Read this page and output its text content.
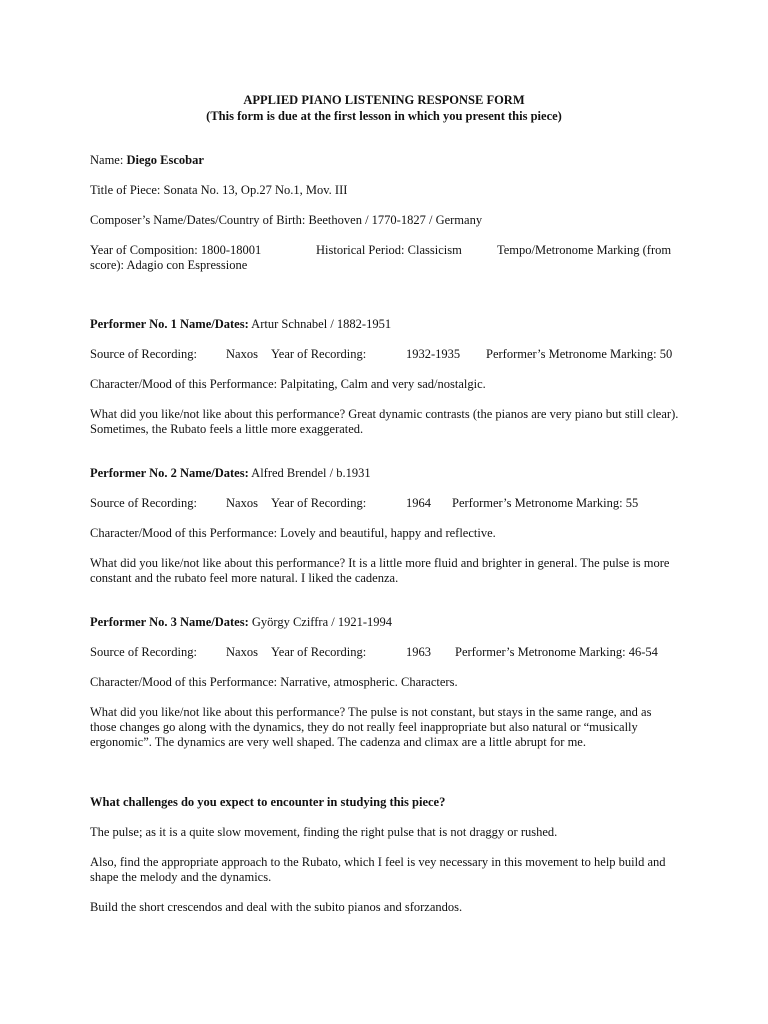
APPLIED PIANO LISTENING RESPONSE FORM
(This form is due at the first lesson in which you present this piece)
Name: Diego Escobar
Title of Piece: Sonata No. 13, Op.27 No.1, Mov. III
Composer’s Name/Dates/Country of Birth: Beethoven / 1770-1827 / Germany
Year of Composition: 1800-18001	Historical Period: Classicism	Tempo/Metronome Marking (from
score): Adagio con Espressione
Performer No. 1 Name/Dates: Artur Schnabel / 1882-1951
Source of Recording: Naxos Year of Recording:	1932-1935 Performer’s Metronome Marking: 50
Character/Mood of this Performance: Palpitating, Calm and very sad/nostalgic.
What did you like/not like about this performance? Great dynamic contrasts (the pianos are very piano but still clear). Sometimes, the Rubato feels a little more exaggerated.
Performer No. 2 Name/Dates: Alfred Brendel / b.1931
Source of Recording: Naxos Year of Recording:	1964 Performer’s Metronome Marking: 55
Character/Mood of this Performance: Lovely and beautiful, happy and reflective.
What did you like/not like about this performance? It is a little more fluid and brighter in general. The pulse is more constant and the rubato feel more natural. I liked the cadenza.
Performer No. 3 Name/Dates: György Cziffra / 1921-1994
Source of Recording: Naxos Year of Recording:	1963 Performer’s Metronome Marking: 46-54
Character/Mood of this Performance: Narrative, atmospheric. Characters.
What did you like/not like about this performance? The pulse is not constant, but stays in the same range, and as those changes go along with the dynamics, they do not really feel inappropriate but also natural or “musically ergonomic”. The dynamics are very well shaped. The cadenza and climax are a little abrupt for me.
What challenges do you expect to encounter in studying this piece?
The pulse; as it is a quite slow movement, finding the right pulse that is not draggy or rushed.
Also, find the appropriate approach to the Rubato, which I feel is vey necessary in this movement to help build and shape the melody and the dynamics.
Build the short crescendos and deal with the subito pianos and sforzandos.
